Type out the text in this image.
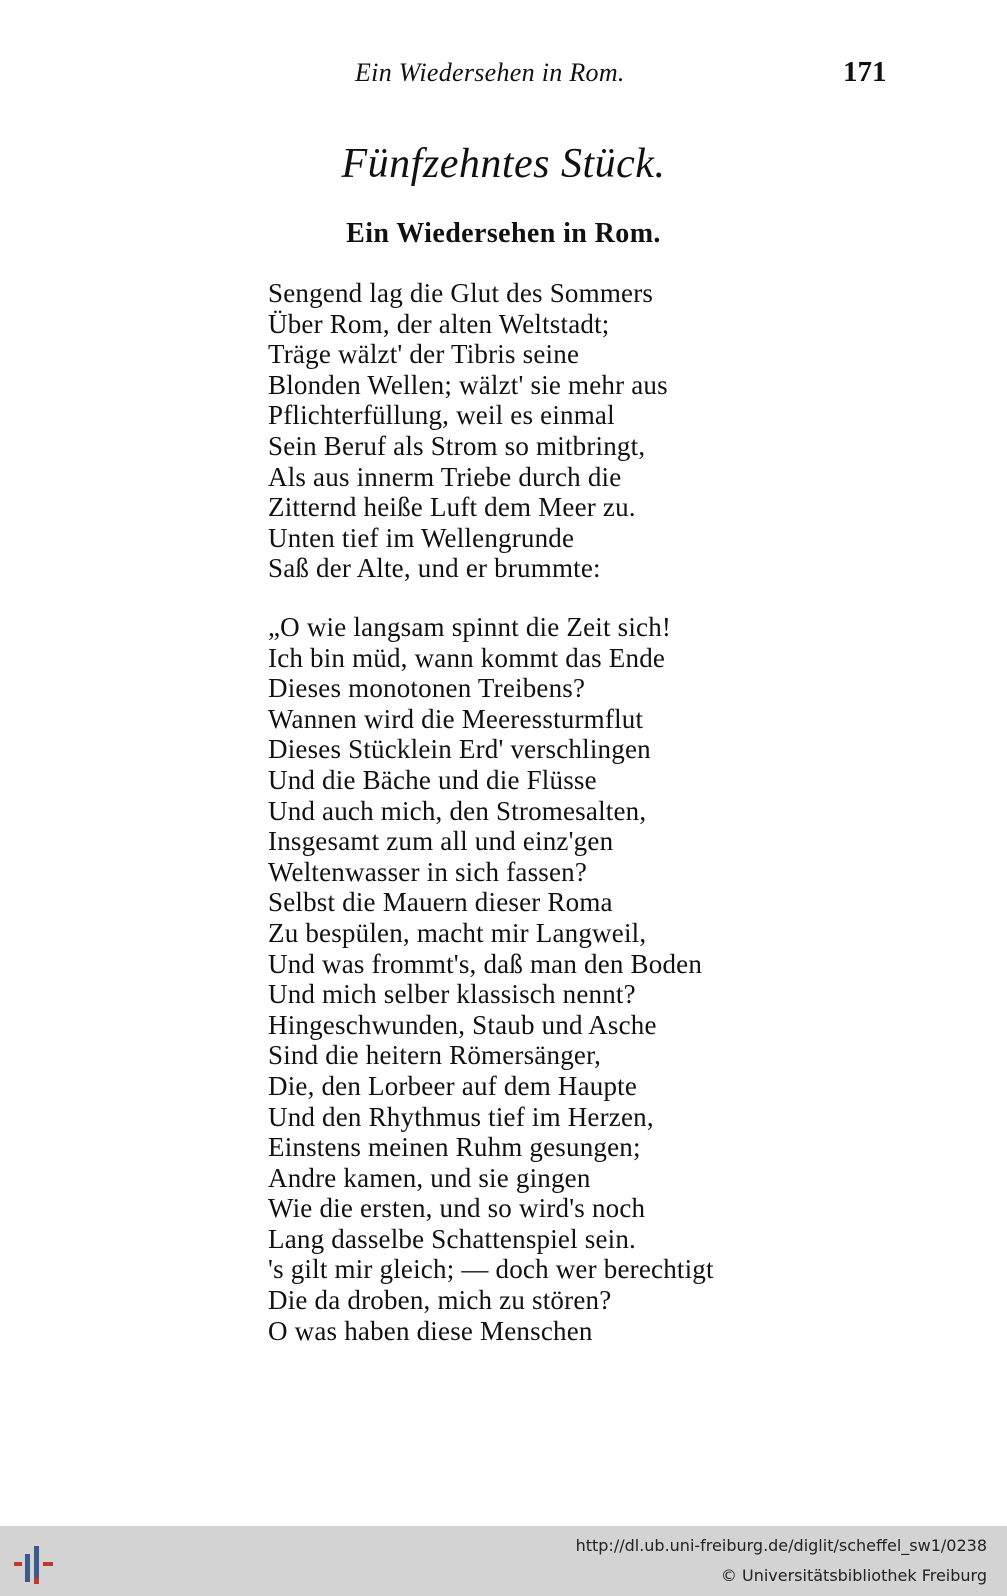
Ein Wiedersehen in Rom.	171
Fünfzehntes Stück.
Ein Wiedersehen in Rom.
Sengend lag die Glut des Sommers
Über Rom, der alten Weltstadt;
Träge wälzt' der Tibris seine
Blonden Wellen; wälzt' sie mehr aus
Pflichterfüllung, weil es einmal
Sein Beruf als Strom so mitbringt,
Als aus innerm Triebe durch die
Zitternd heiße Luft dem Meer zu.
Unten tief im Wellengrunde
Saß der Alte, und er brummte:
„O wie langsam spinnt die Zeit sich!
Ich bin müd, wann kommt das Ende
Dieses monotonen Treibens?
Wannen wird die Meeressturmflut
Dieses Stücklein Erd' verschlingen
Und die Bäche und die Flüsse
Und auch mich, den Stromesalten,
Insgesamt zum all und einz'gen
Weltenwasser in sich fassen?
Selbst die Mauern dieser Roma
Zu bespülen, macht mir Langweil,
Und was frommt's, daß man den Boden
Und mich selber klassisch nennt?
Hingeschwunden, Staub und Asche
Sind die heitern Römersänger,
Die, den Lorbeer auf dem Haupte
Und den Rhythmus tief im Herzen,
Einstens meinen Ruhm gesungen;
Andre kamen, und sie gingen
Wie die ersten, und so wird's noch
Lang dasselbe Schattenspiel sein.
's gilt mir gleich; — doch wer berechtigt
Die da droben, mich zu stören?
O was haben diese Menschen
http://dl.ub.uni-freiburg.de/diglit/scheffel_sw1/0238
© Universitätsbibliothek Freiburg
